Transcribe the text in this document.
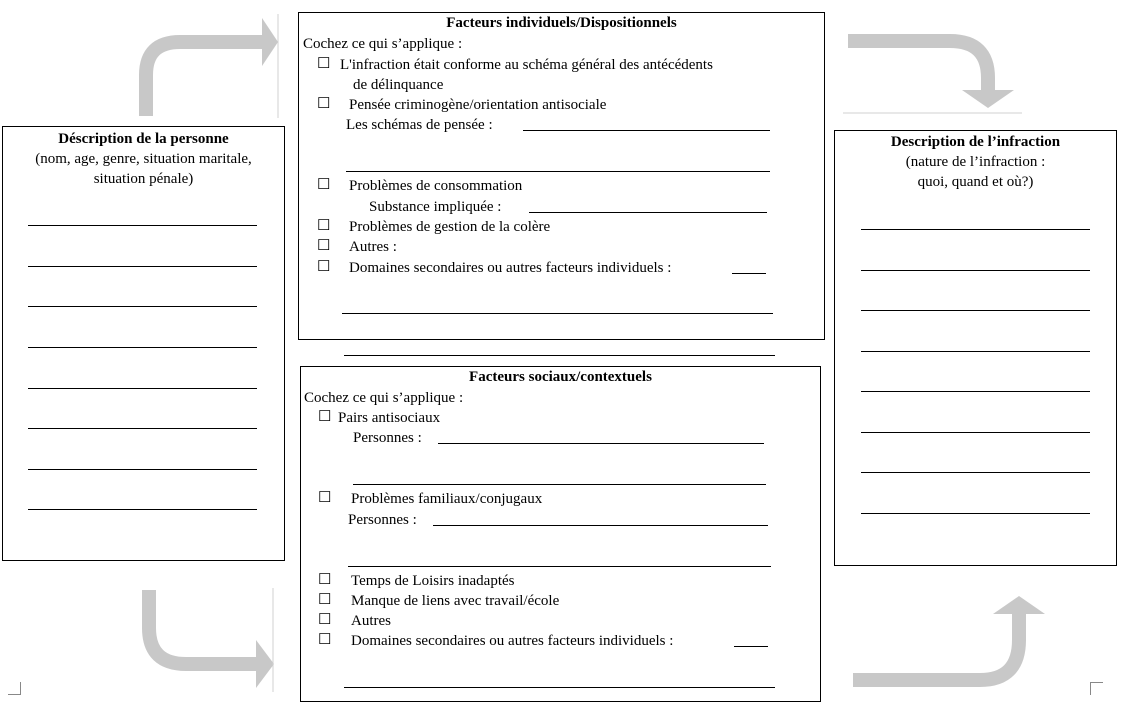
Déscription de la personne
(nom, age, genre, situation maritale,
situation pénale)
Description de l’infraction
(nature de l’infraction :
quoi, quand et où?)
Facteurs individuels/Dispositionnels
Cochez ce qui s’applique :
☐ L'infraction était conforme au schéma général des antécédents
de délinquance
☐ Pensée criminogène/orientation antisociale
Les schémas de pensée :
☐ Problèmes de consommation
Substance impliquée :
☐ Problèmes de gestion de la colère
☐ Autres :
☐ Domaines secondaires ou autres facteurs individuels :
Facteurs sociaux/contextuels
Cochez ce qui s’applique :
☐ Pairs antisociaux
Personnes :
☐ Problèmes familiaux/conjugaux
Personnes :
☐ Temps de Loisirs inadaptés
☐ Manque de liens avec travail/école
☐ Autres
☐ Domaines secondaires ou autres facteurs individuels :
